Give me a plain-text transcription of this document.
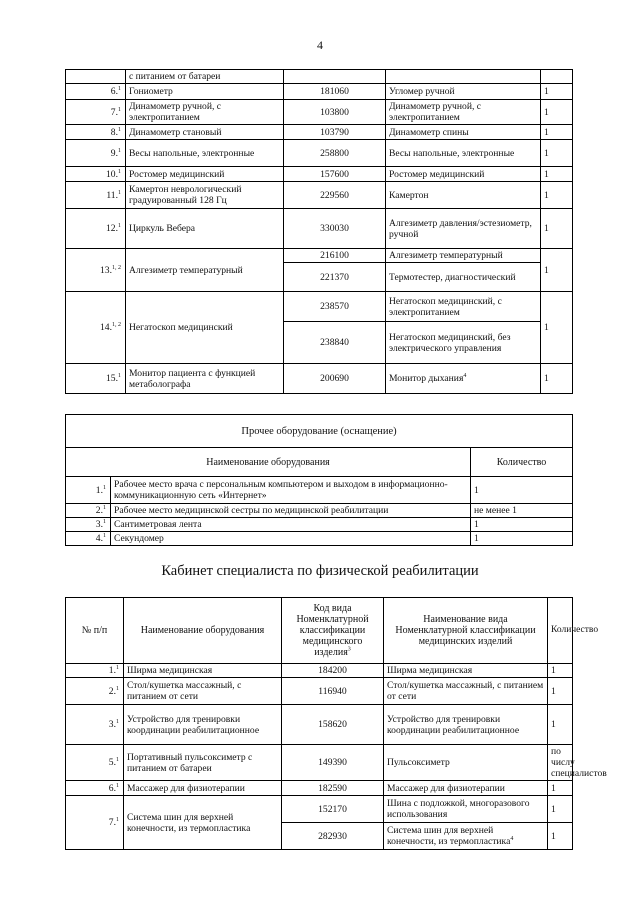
4
	с питанием от батареи			
6.$^1$	Гониометр	181060	Угломер ручной	1
7.$^1$	Динамометр ручной, с электропитанием	103800	Динамометр ручной, с электропитанием	1
8.$^1$	Динамометр становый	103790	Динамометр спины	1
9.$^1$	Весы напольные, электронные	258800	Весы напольные, электронные	1
10.$^1$	Ростомер медицинский	157600	Ростомер медицинский	1
11.$^1$	Камертон неврологический градуированный 128 Гц	229560	Камертон	1
12.$^1$	Циркуль Вебера	330030	Алгезиметр давления/эстезиометр, ручной	1
13.$^{1, 2}$	Алгезиметр температурный	216100	Алгезиметр температурный	1
		221370	Термотестер, диагностический	
14.$^{1, 2}$	Негатоскоп медицинский	238570	Негатоскоп медицинский, с электропитанием	1
		238840	Негатоскоп медицинский, без электрического управления	
15.$^1$	Монитор пациента с функцией метаболографа	200690	Монитор дыхания$^4$	1
Прочее оборудование (оснащение)		
Наименование оборудования		Количество
1.$^1$	Рабочее место врача с персональным компьютером и выходом в информационно-коммуникационную сеть «Интернет»	1
2.$^1$	Рабочее место медицинской сестры по медицинской реабилитации	не менее 1
3.$^1$	Сантиметровая лента	1
4.$^1$	Секундомер	1
Кабинет специалиста по физической реабилитации
№ п/п	Наименование оборудования	Код вида Номенклатурной классификации медицинского изделия$^3$	Наименование вида Номенклатурной классификации медицинских изделий	Количество
1.$^1$	Ширма медицинская	184200	Ширма медицинская	1
2.$^1$	Стол/кушетка массажный, с питанием от сети	116940	Стол/кушетка массажный, с питанием от сети	1
3.$^1$	Устройство для тренировки координации реабилитационное	158620	Устройство для тренировки координации реабилитационное	1
5.$^1$	Портативный пульсоксиметр с питанием от батареи	149390	Пульсоксиметр	по числу специалистов
6.$^1$	Массажер для физиотерапии	182590	Массажер для физиотерапии	1
7.$^1$	Система шин для верхней конечности, из термопластика	152170	Шина с подложкой, многоразового использования	1
		282930	Система шин для верхней конечности, из термопластика$^4$	1
